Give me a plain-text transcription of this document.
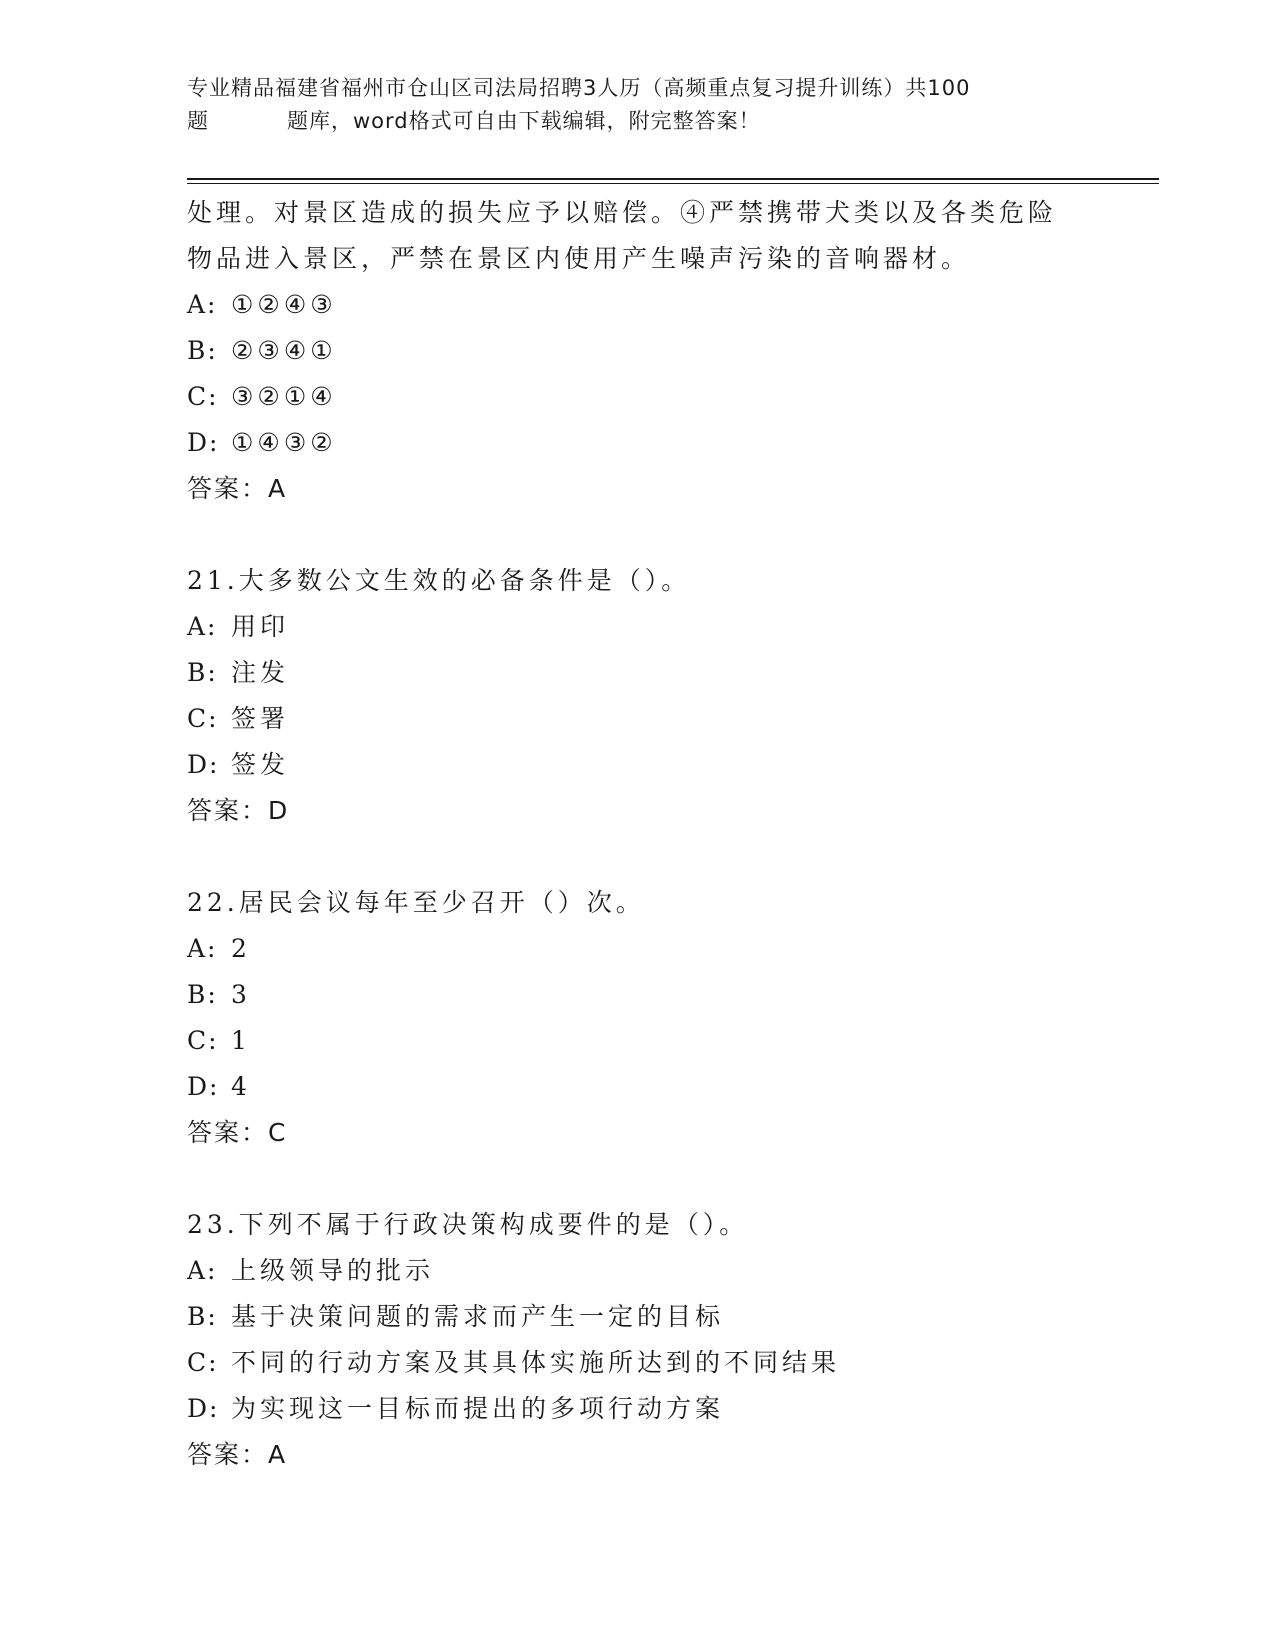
专业精品福建省福州市仓山区司法局招聘3人历（高频重点复习提升训练）共100
题	题库，word格式可自由下载编辑，附完整答案！
处理。对景区造成的损失应予以赔偿。④严禁携带犬类以及各类危险
物品进入景区，严禁在景区内使用产生噪声污染的音响器材。
A: ①②④③
B: ②③④①
C: ③②①④
D: ①④③②
答案：A
21.大多数公文生效的必备条件是（）。
A: 用印
B: 注发
C: 签署
D: 签发
答案：D
22.居民会议每年至少召开（）次。
A: 2
B: 3
C: 1
D: 4
答案：C
23.下列不属于行政决策构成要件的是（）。
A: 上级领导的批示
B: 基于决策问题的需求而产生一定的目标
C: 不同的行动方案及其具体实施所达到的不同结果
D: 为实现这一目标而提出的多项行动方案
答案：A
